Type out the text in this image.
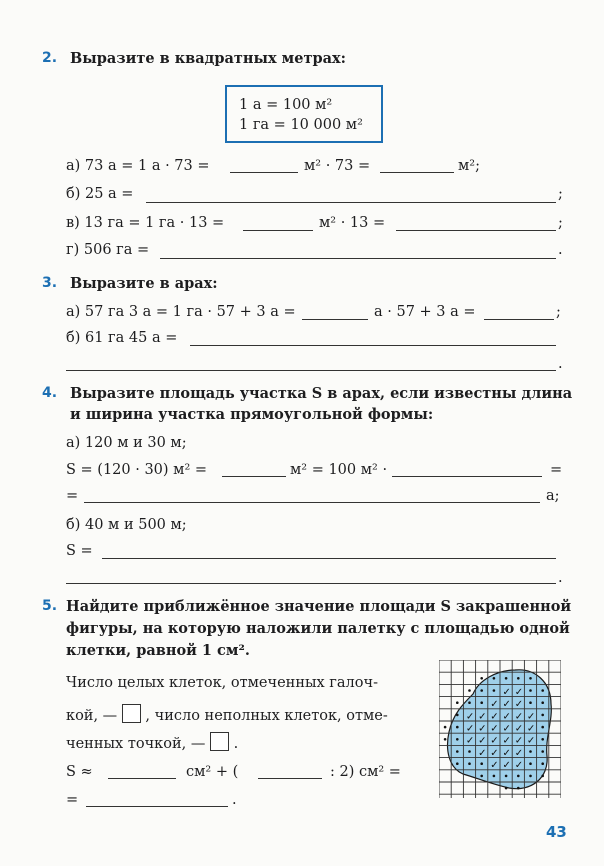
2. Выразите в квадратных метрах:
1 а = 100 м²
1 га = 10 000 м²
а) 73 а = 1 а · 73 =	м² · 73 =	м²;
б) 25 а =	;
в) 13 га = 1 га · 13 =	м² · 13 =	;
г) 506 га =	.
3. Выразите в арах:
а) 57 га 3 а = 1 га · 57 + 3 а =	а · 57 + 3 а =	;
б) 61 га 45 а =
.
4. Выразите площадь участка S в арах, если известны длина
и ширина участка прямоугольной формы:
а) 120 м и 30 м;
S = (120 · 30) м² =	м² = 100 м² ·	=
=	а;
б) 40 м и 500 м;
S =
.
5. Найдите приближённое значение площади S закрашенной
фигуры, на которую наложили палетку с площадью одной
клетки, равной 1 см².
Число целых клеток, отмеченных галоч-
кой, — , число неполных клеток, отме-
ченных точкой, — .
S ≈	см² + (	: 2) см² =
=	.
✓ ✓
✓ ✓ ✓
✓ ✓ ✓ ✓ ✓ ✓
✓ ✓ ✓ ✓ ✓ ✓
✓ ✓ ✓ ✓ ✓ ✓
✓ ✓ ✓ ✓
✓ ✓ ✓
43
